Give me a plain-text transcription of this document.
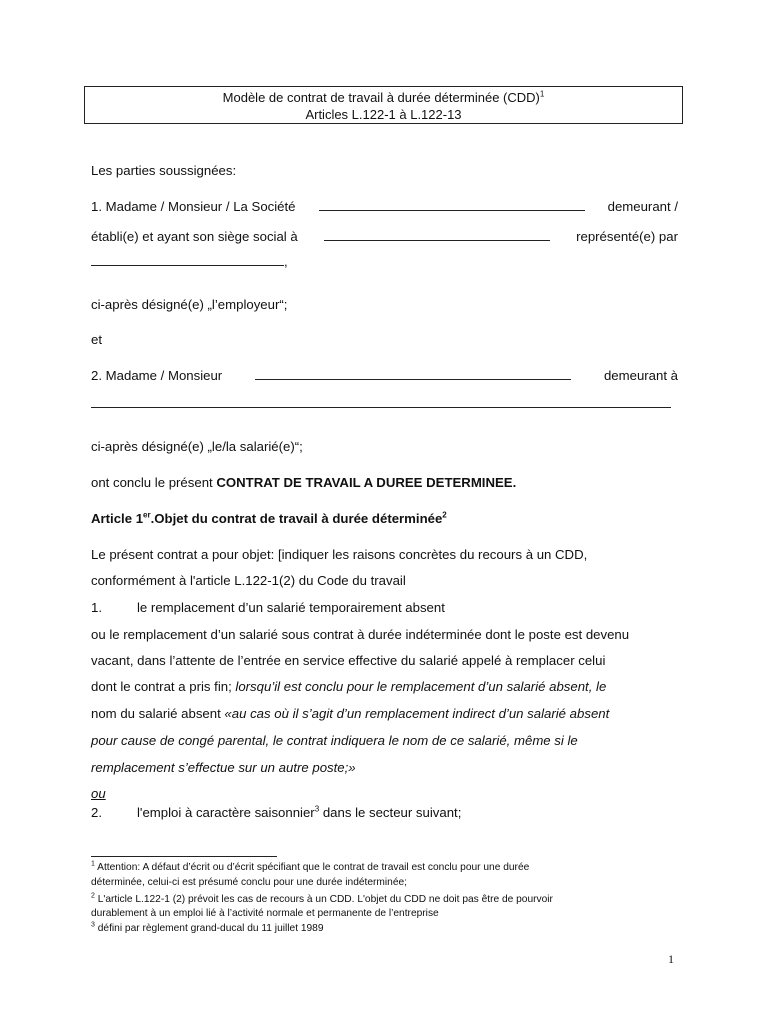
Modèle de contrat de travail à durée déterminée (CDD)$^1$
Articles L.122-1 à L.122-13
Les parties soussignées:
1. Madame / Monsieur / La Société	demeurant /
établi(e) et ayant son siège social à	représenté(e) par
,
ci-après désigné(e) „l’employeur“;
et
2. Madame / Monsieur	demeurant à
ci-après désigné(e) „le/la salarié(e)“;
ont conclu le présent CONTRAT DE TRAVAIL A DUREE DETERMINEE.
Article 1er.Objet du contrat de travail à durée déterminée$^2$
Le présent contrat a pour objet: [indiquer les raisons concrètes du recours à un CDD,
conformément à l'article L.122-1(2) du Code du travail
1.	le remplacement d’un salarié temporairement absent
ou le remplacement d’un salarié sous contrat à durée indéterminée dont le poste est devenu
vacant, dans l’attente de l’entrée en service effective du salarié appelé à remplacer celui
dont le contrat a pris fin; lorsqu’il est conclu pour le remplacement d’un salarié absent, le
nom du salarié absent «au cas où il s’agit d’un remplacement indirect d’un salarié absent
pour cause de congé parental, le contrat indiquera le nom de ce salarié, même si le
remplacement s’effectue sur un autre poste;»
ou
2.	l'emploi à caractère saisonnier$^3$ dans le secteur suivant;
$^1$ Attention: A défaut d’écrit ou d’écrit spécifiant que le contrat de travail est conclu pour une durée
déterminée, celui-ci est présumé conclu pour une durée indéterminée;
$^2$ L'article L.122-1 (2) prévoit les cas de recours à un CDD. L'objet du CDD ne doit pas être de pourvoir
durablement à un emploi lié à l’activité normale et permanente de l’entreprise
$^3$ défini par règlement grand-ducal du 11 juillet 1989
1
